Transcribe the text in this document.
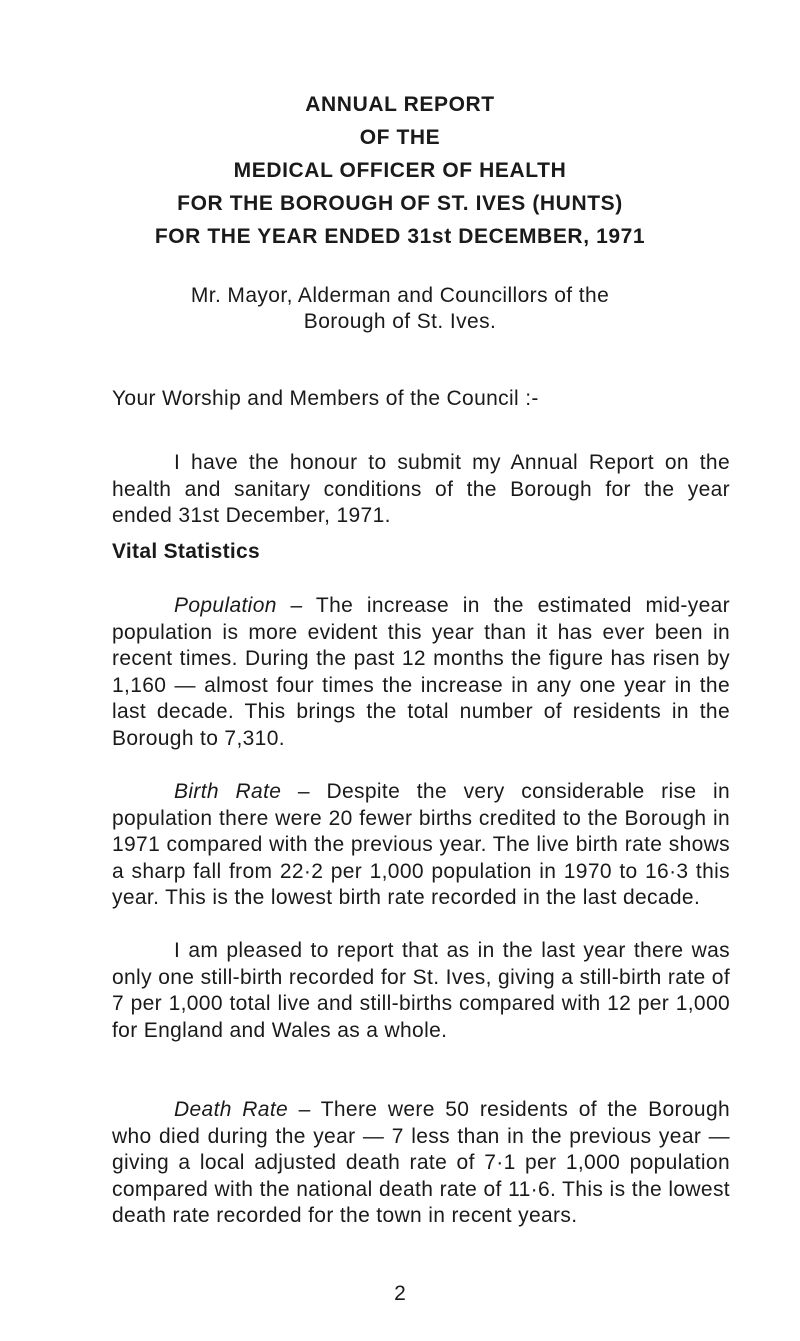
ANNUAL REPORT
OF THE
MEDICAL OFFICER OF HEALTH
FOR THE BOROUGH OF ST. IVES (HUNTS)
FOR THE YEAR ENDED 31st DECEMBER, 1971
Mr. Mayor, Alderman and Councillors of the
Borough of St. Ives.

Your Worship and Members of the Council :-

I have the honour to submit my Annual Report on the health and sanitary conditions of the Borough for the year ended 31st December, 1971.

Vital Statistics

Population – The increase in the estimated mid-year population is more evident this year than it has ever been in recent times. During the past 12 months the figure has risen by 1,160 — almost four times the increase in any one year in the last decade. This brings the total number of residents in the Borough to 7,310.

Birth Rate – Despite the very considerable rise in population there were 20 fewer births credited to the Borough in 1971 compared with the previous year. The live birth rate shows a sharp fall from 22·2 per 1,000 population in 1970 to 16·3 this year. This is the lowest birth rate recorded in the last decade.

I am pleased to report that as in the last year there was only one still-birth recorded for St. Ives, giving a still-birth rate of 7 per 1,000 total live and still-births compared with 12 per 1,000 for England and Wales as a whole.

Death Rate – There were 50 residents of the Borough who died during the year — 7 less than in the previous year — giving a local adjusted death rate of 7·1 per 1,000 population compared with the national death rate of 11·6. This is the lowest death rate recorded for the town in recent years.

2
